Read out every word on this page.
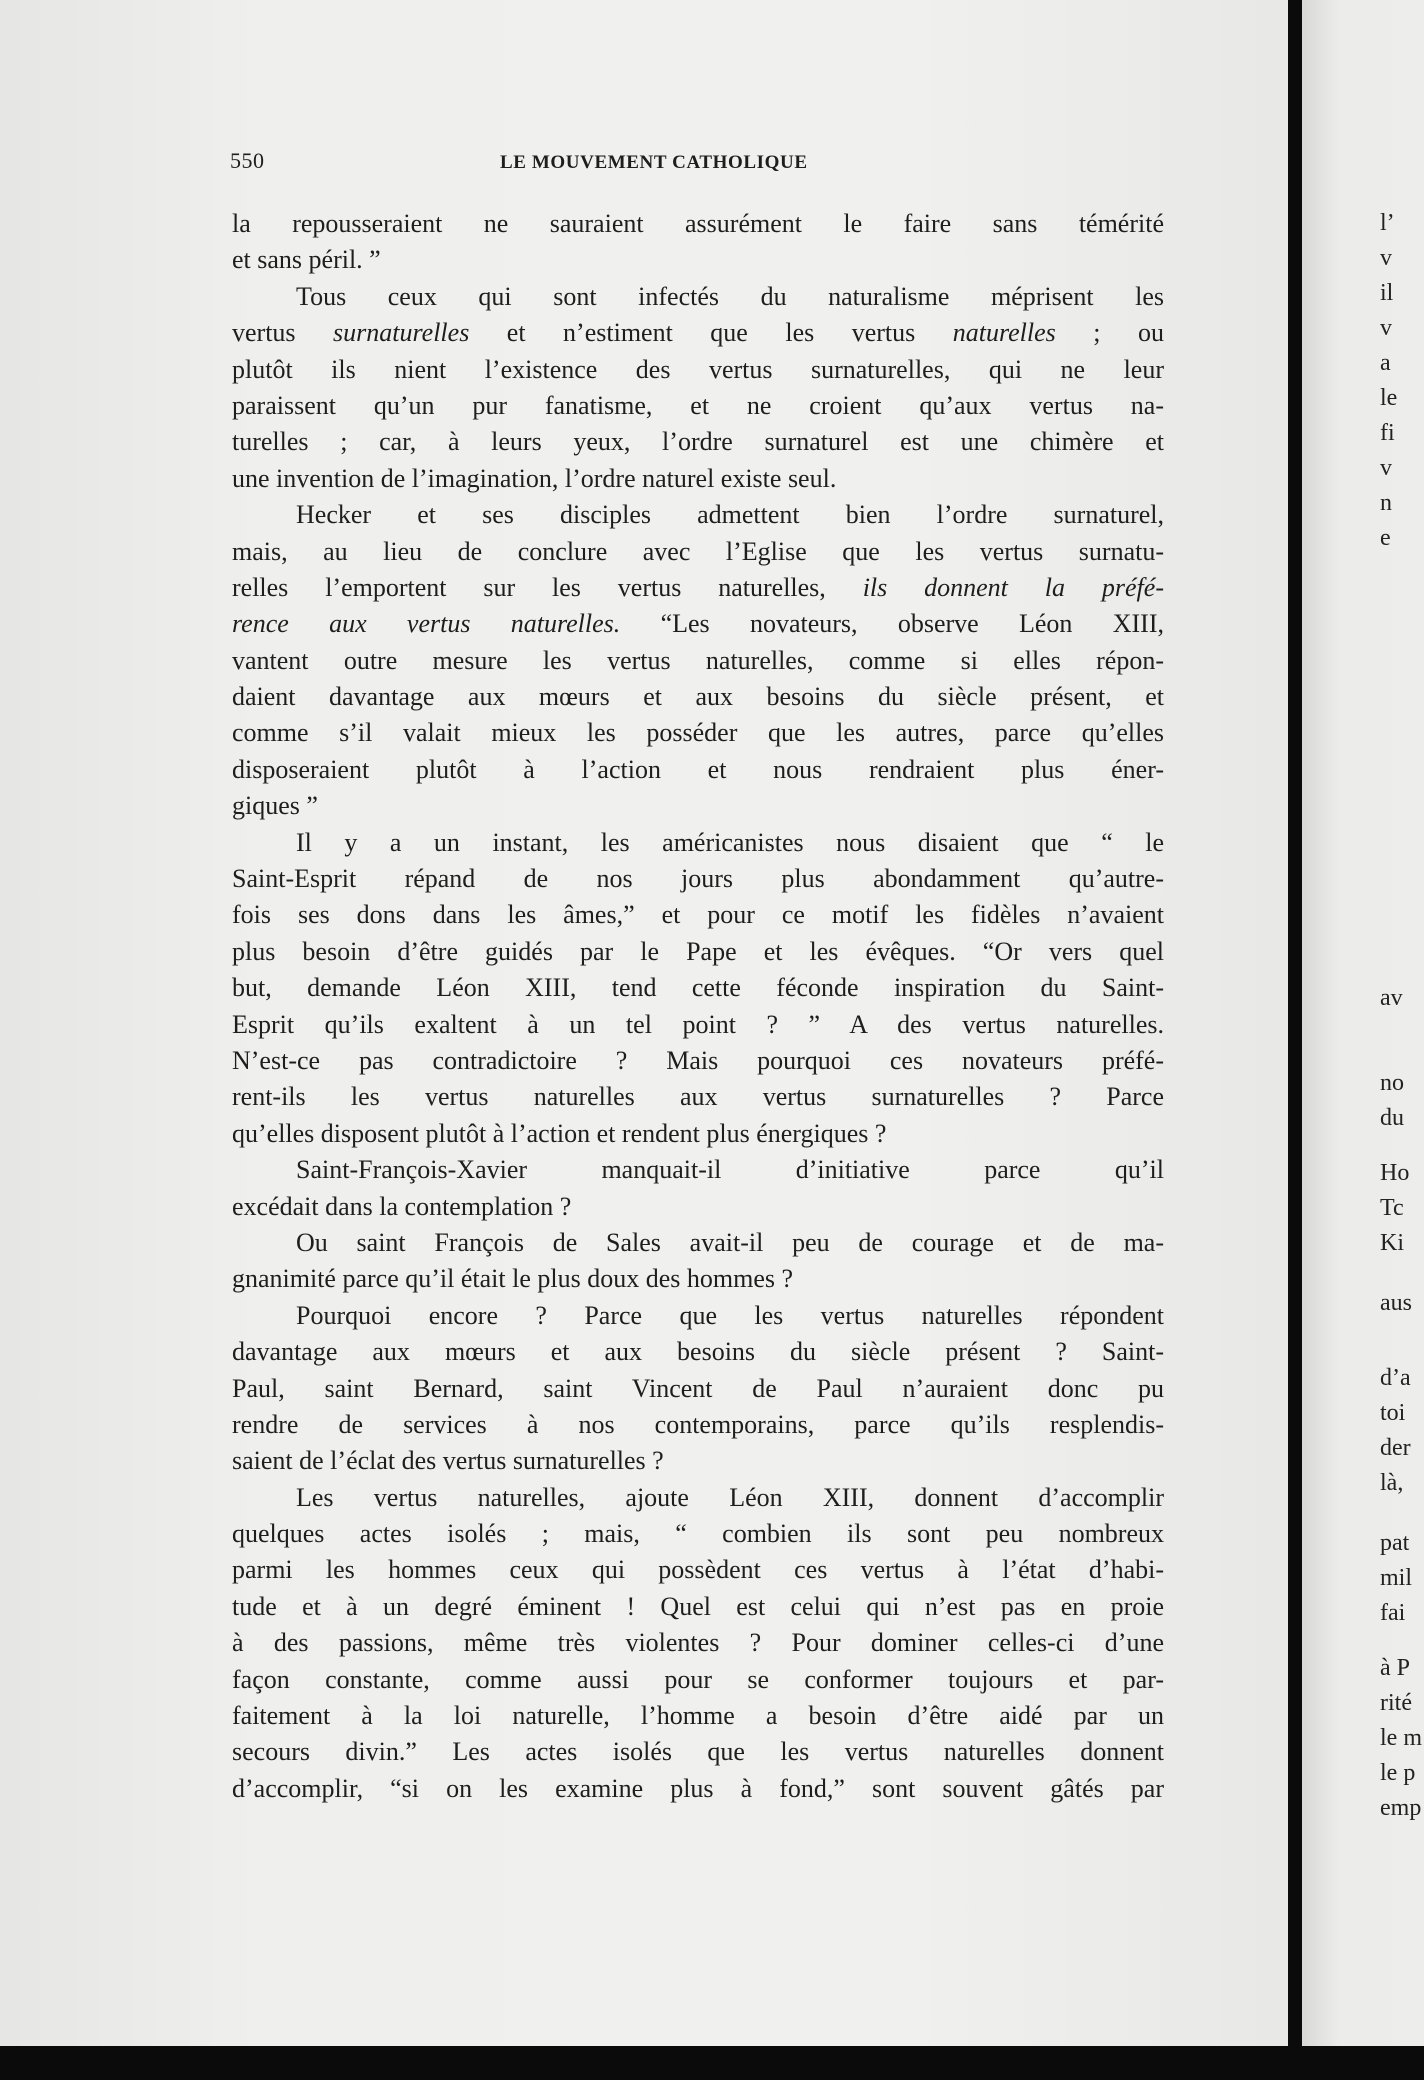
550	LE MOUVEMENT CATHOLIQUE
la repousseraient ne sauraient assurément le faire sans témérité
et sans péril. ”
Tous ceux qui sont infectés du naturalisme méprisent les
vertus surnaturelles et n’estiment que les vertus naturelles ; ou
plutôt ils nient l’existence des vertus surnaturelles, qui ne leur
paraissent qu’un pur fanatisme, et ne croient qu’aux vertus na-
turelles ; car, à leurs yeux, l’ordre surnaturel est une chimère et
une invention de l’imagination, l’ordre naturel existe seul.
Hecker et ses disciples admettent bien l’ordre surnaturel,
mais, au lieu de conclure avec l’Eglise que les vertus surnatu-
relles l’emportent sur les vertus naturelles, ils donnent la préfé-
rence aux vertus naturelles. “Les novateurs, observe Léon XIII,
vantent outre mesure les vertus naturelles, comme si elles répon-
daient davantage aux mœurs et aux besoins du siècle présent, et
comme s’il valait mieux les posséder que les autres, parce qu’elles
disposeraient plutôt à l’action et nous rendraient plus éner-
giques ”
Il y a un instant, les américanistes nous disaient que “ le
Saint-Esprit répand de nos jours plus abondamment qu’autre-
fois ses dons dans les âmes,” et pour ce motif les fidèles n’avaient
plus besoin d’être guidés par le Pape et les évêques. “Or vers quel
but, demande Léon XIII, tend cette féconde inspiration du Saint-
Esprit qu’ils exaltent à un tel point ? ” A des vertus naturelles.
N’est-ce pas contradictoire ? Mais pourquoi ces novateurs préfé-
rent-ils les vertus naturelles aux vertus surnaturelles ? Parce
qu’elles disposent plutôt à l’action et rendent plus énergiques ?
Saint-François-Xavier manquait-il d’initiative parce qu’il
excédait dans la contemplation ?
Ou saint François de Sales avait-il peu de courage et de ma-
gnanimité parce qu’il était le plus doux des hommes ?
Pourquoi encore ? Parce que les vertus naturelles répondent
davantage aux mœurs et aux besoins du siècle présent ? Saint-
Paul, saint Bernard, saint Vincent de Paul n’auraient donc pu
rendre de services à nos contemporains, parce qu’ils resplendis-
saient de l’éclat des vertus surnaturelles ?
Les vertus naturelles, ajoute Léon XIII, donnent d’accomplir
quelques actes isolés ; mais, “ combien ils sont peu nombreux
parmi les hommes ceux qui possèdent ces vertus à l’état d’habi-
tude et à un degré éminent ! Quel est celui qui n’est pas en proie
à des passions, même très violentes ? Pour dominer celles-ci d’une
façon constante, comme aussi pour se conformer toujours et par-
faitement à la loi naturelle, l’homme a besoin d’être aidé par un
secours divin.” Les actes isolés que les vertus naturelles donnent
d’accomplir, “si on les examine plus à fond,” sont souvent gâtés par
l’
v
il
v
a
le
fi
v
n
e
av
no
du
Ho
Tc
Ki
aus
d’a
toi
der
là,
pat
mil
fai
à P
rité
le m
le p
emp
